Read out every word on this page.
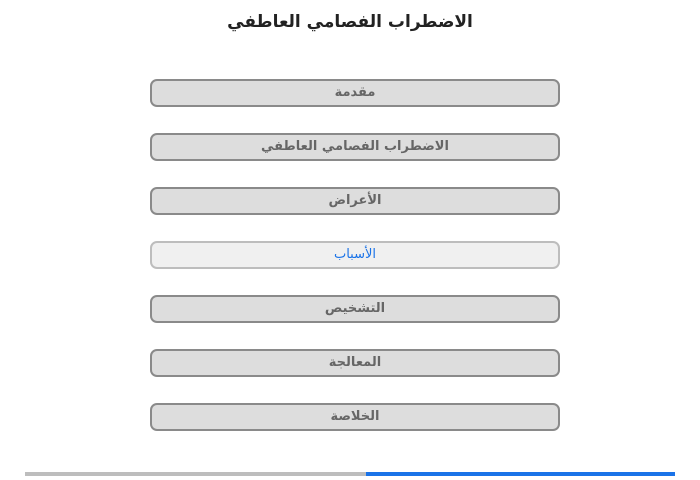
الاضطراب الفصامي العاطفي
مقدمة
الاضطراب الفصامي العاطفي
الأعراض
الأسباب
التشخيص
المعالجة
الخلاصة
